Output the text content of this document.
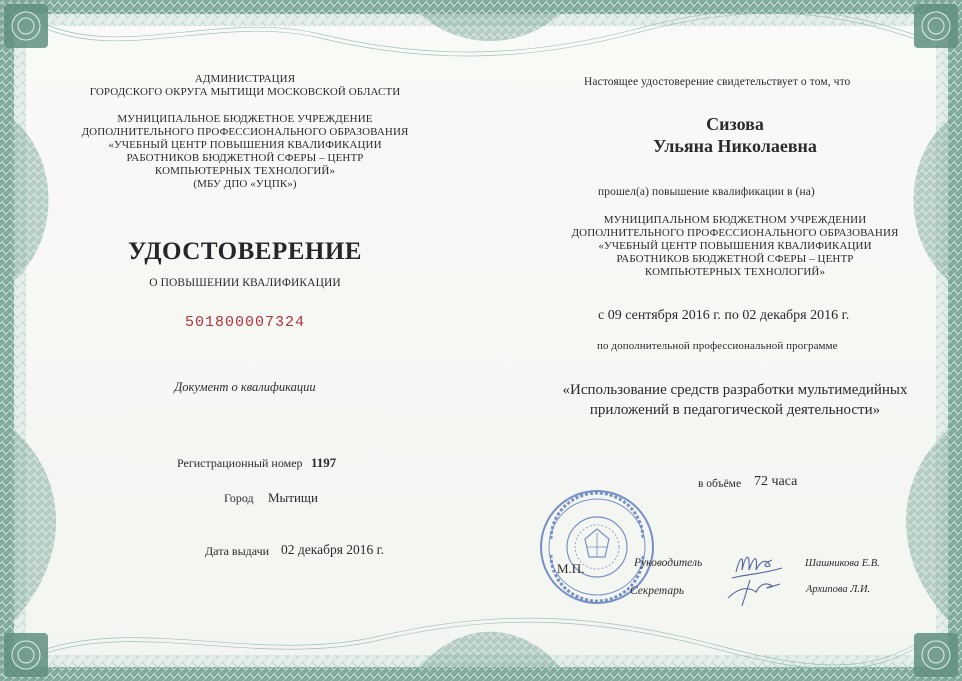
АДМИНИСТРАЦИЯ
ГОРОДСКОГО ОКРУГА МЫТИЩИ МОСКОВСКОЙ ОБЛАСТИ
МУНИЦИПАЛЬНОЕ БЮДЖЕТНОЕ УЧРЕЖДЕНИЕ
ДОПОЛНИТЕЛЬНОГО ПРОФЕССИОНАЛЬНОГО ОБРАЗОВАНИЯ
«УЧЕБНЫЙ ЦЕНТР ПОВЫШЕНИЯ КВАЛИФИКАЦИИ
РАБОТНИКОВ БЮДЖЕТНОЙ СФЕРЫ – ЦЕНТР
КОМПЬЮТЕРНЫХ ТЕХНОЛОГИЙ»
(МБУ ДПО «УЦПК»)
УДОСТОВЕРЕНИЕ
О ПОВЫШЕНИИ КВАЛИФИКАЦИИ
501800007324
Документ о квалификации
Регистрационный номер 1197
Город Мытищи
Дата выдачи 02 декабря 2016 г.
Настоящее удостоверение свидетельствует о том, что
Сизова
Ульяна Николаевна
прошел(а) повышение квалификации в (на)
МУНИЦИПАЛЬНОМ БЮДЖЕТНОМ УЧРЕЖДЕНИИ
ДОПОЛНИТЕЛЬНОГО ПРОФЕССИОНАЛЬНОГО ОБРАЗОВАНИЯ
«УЧЕБНЫЙ ЦЕНТР ПОВЫШЕНИЯ КВАЛИФИКАЦИИ
РАБОТНИКОВ БЮДЖЕТНОЙ СФЕРЫ – ЦЕНТР
КОМПЬЮТЕРНЫХ ТЕХНОЛОГИЙ»
с 09 сентября 2016 г. по 02 декабря 2016 г.
по дополнительной профессиональной программе
«Использование средств разработки мультимедийных
приложений в педагогической деятельности»
в объёме 72 часа
М.П.	Руководитель
Секретарь
Шашникова Е.В.
Архипова Л.И.
